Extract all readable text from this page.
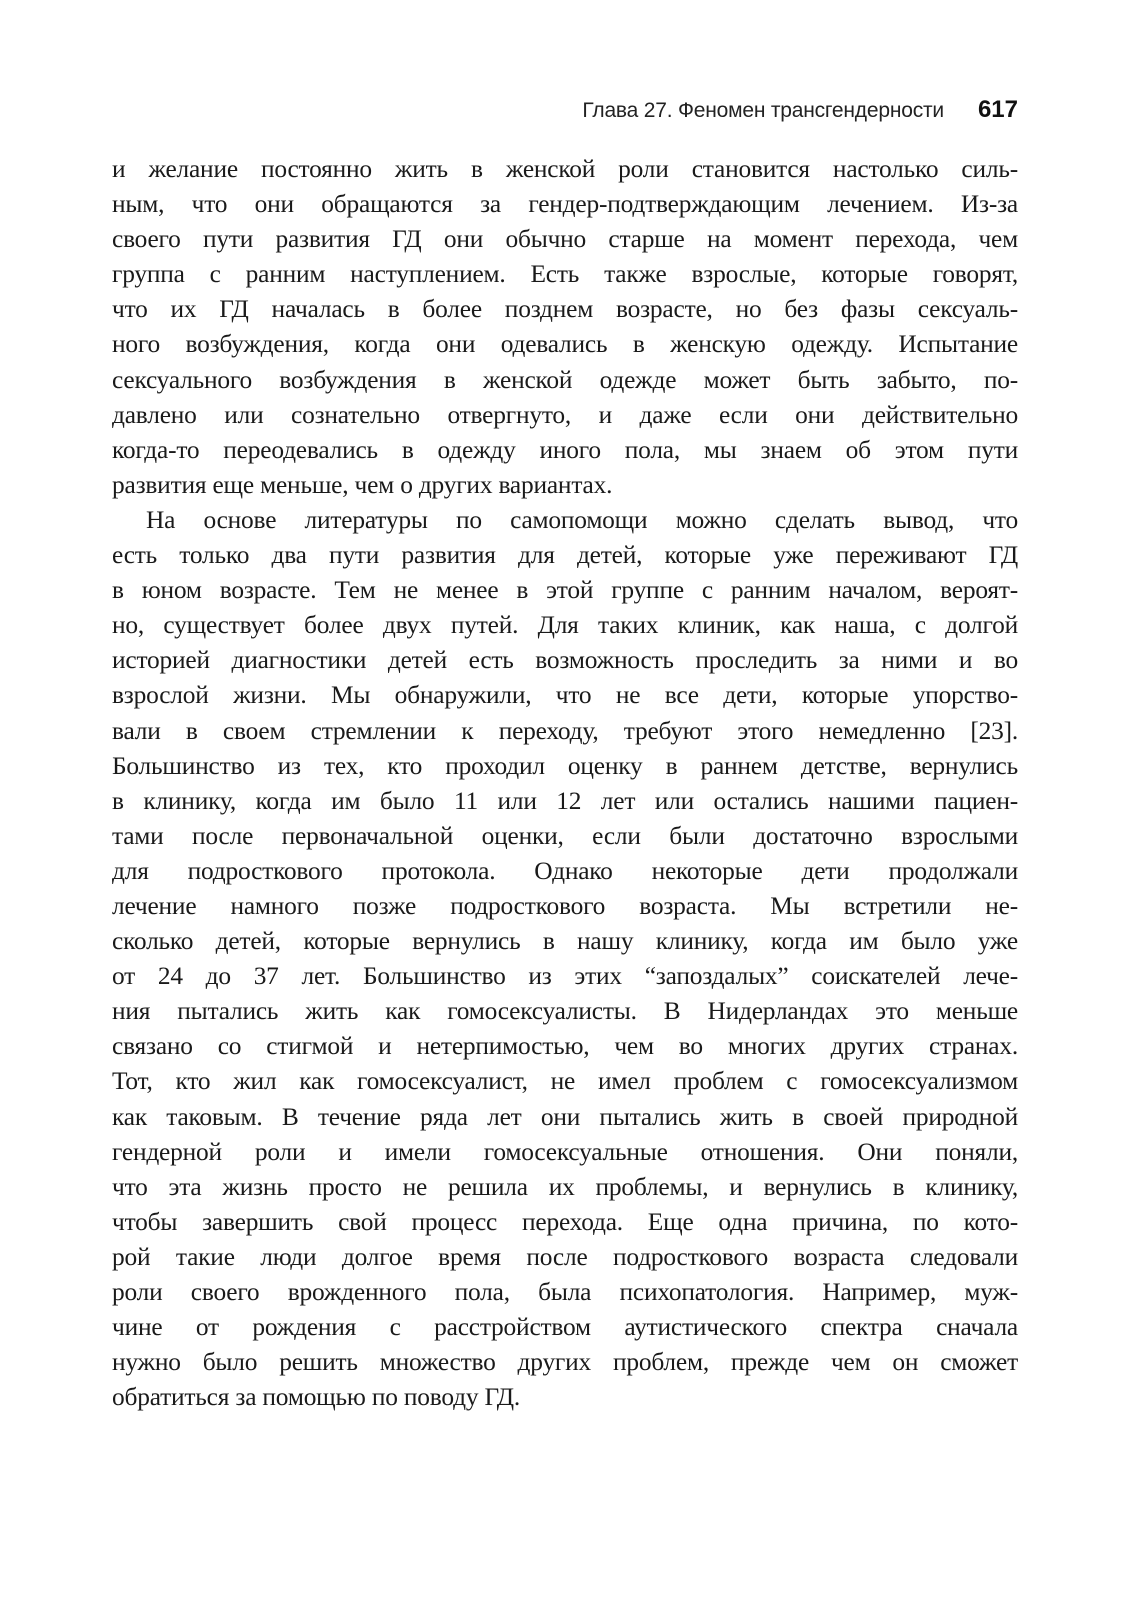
Глава 27. Феномен трансгендерности 617
и желание постоянно жить в женской роли становится настолько силь-
ным, что они обращаются за гендер-подтверждающим лечением. Из-за
своего пути развития ГД они обычно старше на момент перехода, чем
группа с ранним наступлением. Есть также взрослые, которые говорят,
что их ГД началась в более позднем возрасте, но без фазы сексуаль-
ного возбуждения, когда они одевались в женскую одежду. Испытание
сексуального возбуждения в женской одежде может быть забыто, по-
давлено или сознательно отвергнуто, и даже если они действительно
когда-то переодевались в одежду иного пола, мы знаем об этом пути
развития еще меньше, чем о других вариантах.
На основе литературы по самопомощи можно сделать вывод, что
есть только два пути развития для детей, которые уже переживают ГД
в юном возрасте. Тем не менее в этой группе с ранним началом, вероят-
но, существует более двух путей. Для таких клиник, как наша, с долгой
историей диагностики детей есть возможность проследить за ними и во
взрослой жизни. Мы обнаружили, что не все дети, которые упорство-
вали в своем стремлении к переходу, требуют этого немедленно [23].
Большинство из тех, кто проходил оценку в раннем детстве, вернулись
в клинику, когда им было 11 или 12 лет или остались нашими пациен-
тами после первоначальной оценки, если были достаточно взрослыми
для подросткового протокола. Однако некоторые дети продолжали
лечение намного позже подросткового возраста. Мы встретили не-
сколько детей, которые вернулись в нашу клинику, когда им было уже
от 24 до 37 лет. Большинство из этих “запоздалых” соискателей лече-
ния пытались жить как гомосексуалисты. В Нидерландах это меньше
связано со стигмой и нетерпимостью, чем во многих других странах.
Тот, кто жил как гомосексуалист, не имел проблем с гомосексуализмом
как таковым. В течение ряда лет они пытались жить в своей природной
гендерной роли и имели гомосексуальные отношения. Они поняли,
что эта жизнь просто не решила их проблемы, и вернулись в клинику,
чтобы завершить свой процесс перехода. Еще одна причина, по кото-
рой такие люди долгое время после подросткового возраста следовали
роли своего врожденного пола, была психопатология. Например, муж-
чине от рождения с расстройством аутистического спектра сначала
нужно было решить множество других проблем, прежде чем он сможет
обратиться за помощью по поводу ГД.
